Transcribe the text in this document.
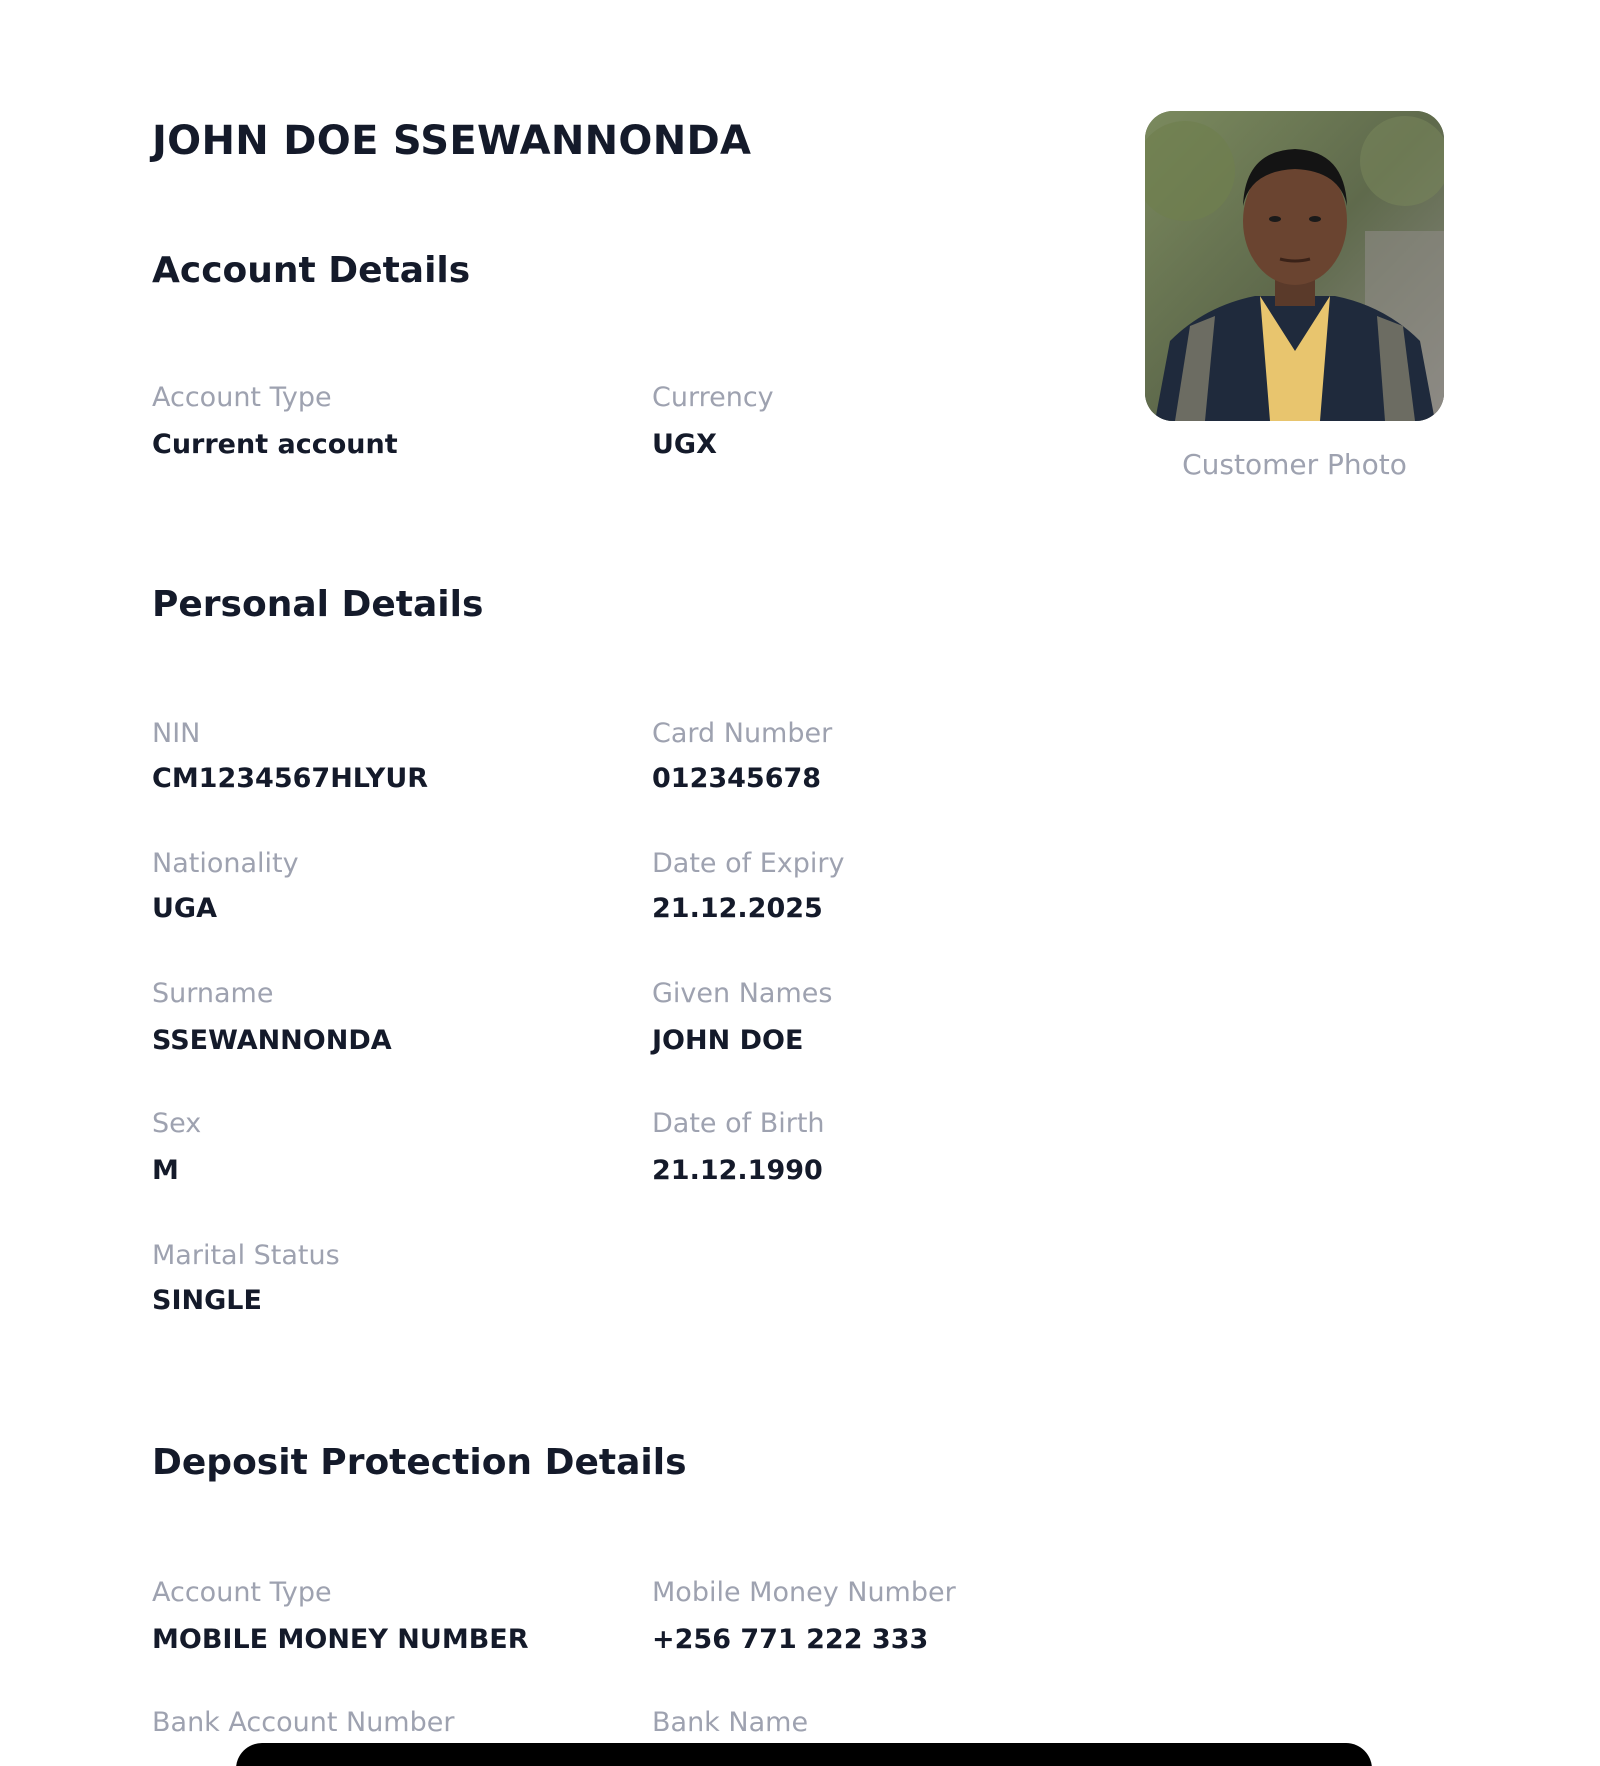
JOHN DOE SSEWANNONDA
Customer Photo
Account Details
Account Type
Current account
Currency
UGX
Personal Details
NIN
CM1234567HLYUR
Card Number
012345678
Nationality
UGA
Date of Expiry
21.12.2025
Surname
SSEWANNONDA
Given Names
JOHN DOE
Sex
M
Date of Birth
21.12.1990
Marital Status
SINGLE
Deposit Protection Details
Account Type
MOBILE MONEY NUMBER
Mobile Money Number
+256 771 222 333
Bank Account Number	Bank Name
